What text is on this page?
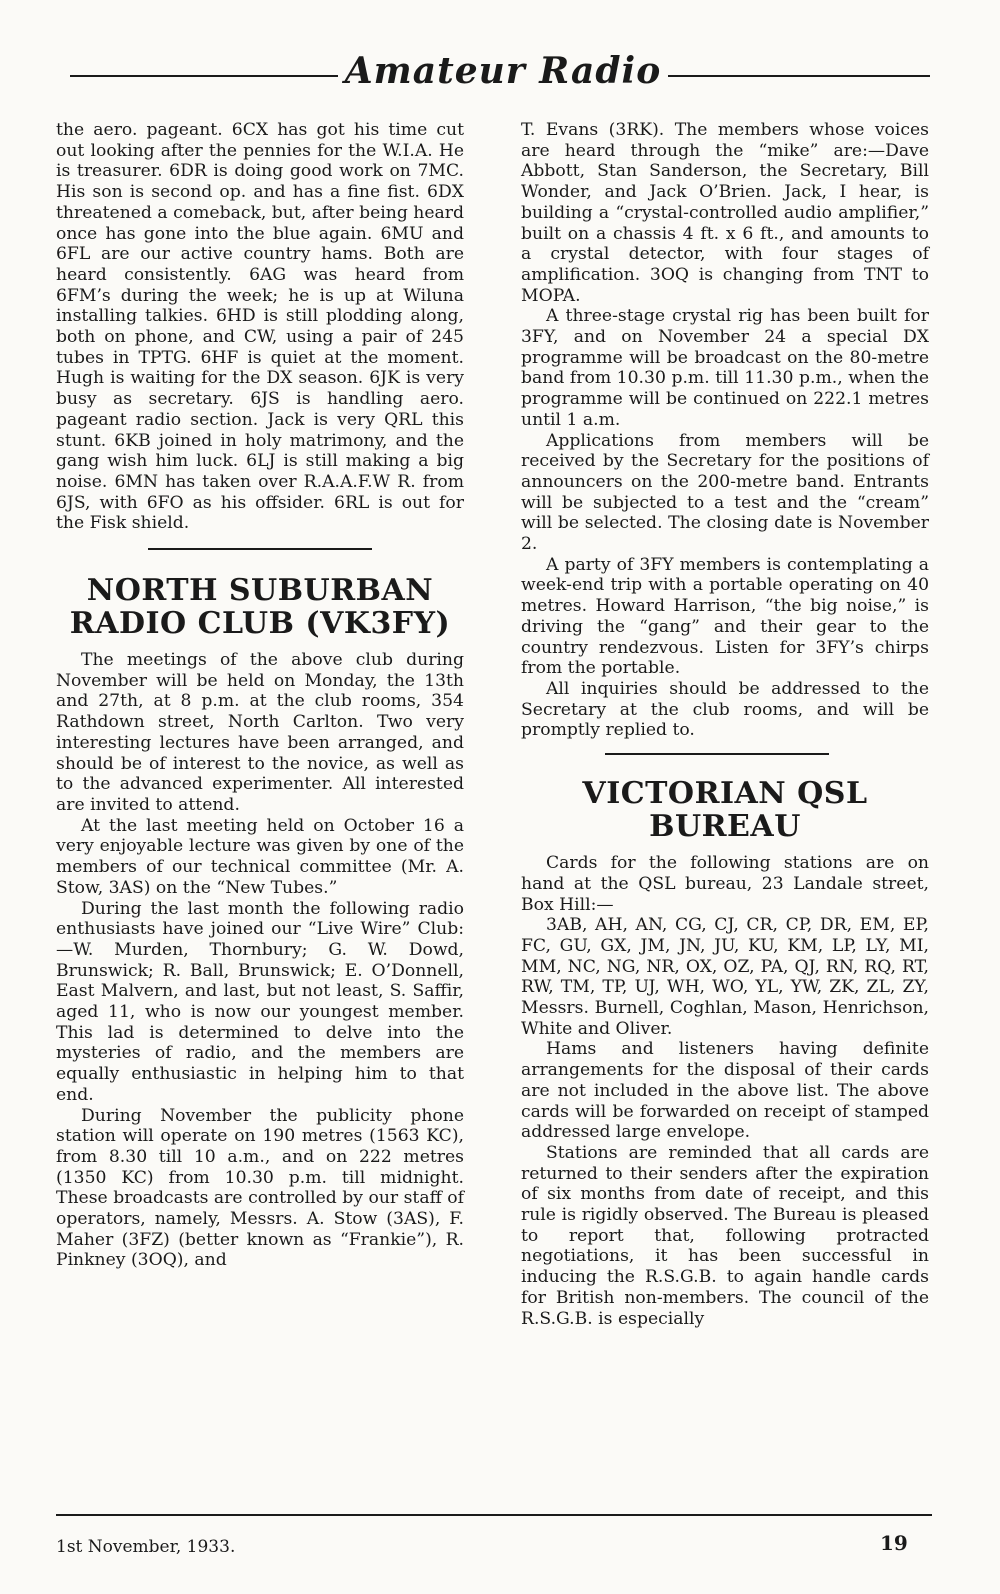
Amateur Radio

the aero. pageant. 6CX has got his time cut out looking after the pennies for the W.I.A. He is treasurer. 6DR is doing good work on 7MC. His son is second op. and has a fine fist. 6DX threatened a comeback, but, after being heard once has gone into the blue again. 6MU and 6FL are our active country hams. Both are heard consistently. 6AG was heard from 6FM’s during the week; he is up at Wiluna installing talkies. 6HD is still plodding along, both on phone, and CW, using a pair of 245 tubes in TPTG. 6HF is quiet at the moment. Hugh is waiting for the DX season. 6JK is very busy as secretary. 6JS is handling aero. pageant radio section. Jack is very QRL this stunt. 6KB joined in holy matrimony, and the gang wish him luck. 6LJ is still making a big noise. 6MN has taken over R.A.A.F.W R. from 6JS, with 6FO as his offsider. 6RL is out for the Fisk shield.

NORTH SUBURBAN RADIO CLUB (VK3FY)

The meetings of the above club during November will be held on Monday, the 13th and 27th, at 8 p.m. at the club rooms, 354 Rathdown street, North Carlton. Two very interesting lectures have been arranged, and should be of interest to the novice, as well as to the advanced experimenter. All interested are invited to attend.

At the last meeting held on October 16 a very enjoyable lecture was given by one of the members of our technical committee (Mr. A. Stow, 3AS) on the “New Tubes.”

During the last month the following radio enthusiasts have joined our “Live Wire” Club:—W. Murden, Thornbury; G. W. Dowd, Brunswick; R. Ball, Brunswick; E. O’Donnell, East Malvern, and last, but not least, S. Saffir, aged 11, who is now our youngest member. This lad is determined to delve into the mysteries of radio, and the members are equally enthusiastic in helping him to that end.

During November the publicity phone station will operate on 190 metres (1563 KC), from 8.30 till 10 a.m., and on 222 metres (1350 KC) from 10.30 p.m. till midnight. These broadcasts are controlled by our staff of operators, namely, Messrs. A. Stow (3AS), F. Maher (3FZ) (better known as “Frankie”), R. Pinkney (3OQ), and

T. Evans (3RK). The members whose voices are heard through the “mike” are:—Dave Abbott, Stan Sanderson, the Secretary, Bill Wonder, and Jack O’Brien. Jack, I hear, is building a “crystal-controlled audio amplifier,” built on a chassis 4 ft. x 6 ft., and amounts to a crystal detector, with four stages of amplification. 3OQ is changing from TNT to MOPA.

A three-stage crystal rig has been built for 3FY, and on November 24 a special DX programme will be broadcast on the 80-metre band from 10.30 p.m. till 11.30 p.m., when the programme will be continued on 222.1 metres until 1 a.m.

Applications from members will be received by the Secretary for the positions of announcers on the 200-metre band. Entrants will be subjected to a test and the “cream” will be selected. The closing date is November 2.

A party of 3FY members is contemplating a week-end trip with a portable operating on 40 metres. Howard Harrison, “the big noise,” is driving the “gang” and their gear to the country rendezvous. Listen for 3FY’s chirps from the portable.

All inquiries should be addressed to the Secretary at the club rooms, and will be promptly replied to.

VICTORIAN QSL BUREAU

Cards for the following stations are on hand at the QSL bureau, 23 Landale street, Box Hill:—

3AB, AH, AN, CG, CJ, CR, CP, DR, EM, EP, FC, GU, GX, JM, JN, JU, KU, KM, LP, LY, MI, MM, NC, NG, NR, OX, OZ, PA, QJ, RN, RQ, RT, RW, TM, TP, UJ, WH, WO, YL, YW, ZK, ZL, ZY, Messrs. Burnell, Coghlan, Mason, Henrichson, White and Oliver.

Hams and listeners having definite arrangements for the disposal of their cards are not included in the above list. The above cards will be forwarded on receipt of stamped addressed large envelope.

Stations are reminded that all cards are returned to their senders after the expiration of six months from date of receipt, and this rule is rigidly observed. The Bureau is pleased to report that, following protracted negotiations, it has been successful in inducing the R.S.G.B. to again handle cards for British non-members. The council of the R.S.G.B. is especially

1st November, 1933.	19
